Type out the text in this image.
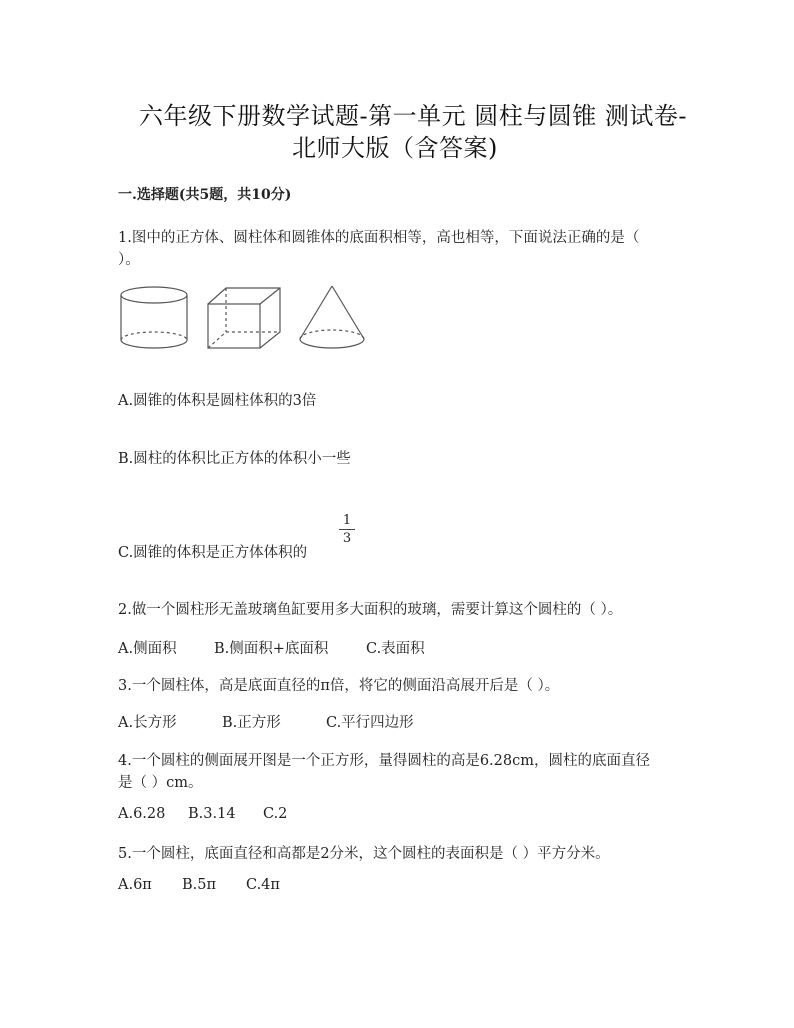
六年级下册数学试题-第一单元 圆柱与圆锥 测试卷-
北师大版（含答案)
一.选择题(共5题，共10分)
1.图中的正方体、圆柱体和圆锥体的底面积相等，高也相等，下面说法正确的是（
）。
A.圆锥的体积是圆柱体积的3倍
B.圆柱的体积比正方体的体积小一些
C.圆锥的体积是正方体体积的
1
3
2.做一个圆柱形无盖玻璃鱼缸要用多大面积的玻璃，需要计算这个圆柱的（ ）。
A.侧面积	B.侧面积+底面积	C.表面积
3.一个圆柱体，高是底面直径的π倍，将它的侧面沿高展开后是（ ）。
A.长方形	B.正方形	C.平行四边形
4.一个圆柱的侧面展开图是一个正方形，量得圆柱的高是6.28cm，圆柱的底面直径
是（ ）cm。
A.6.28 B.3.14 C.2
5.一个圆柱，底面直径和高都是2分米，这个圆柱的表面积是（ ）平方分米。
A.6π B.5π C.4π
